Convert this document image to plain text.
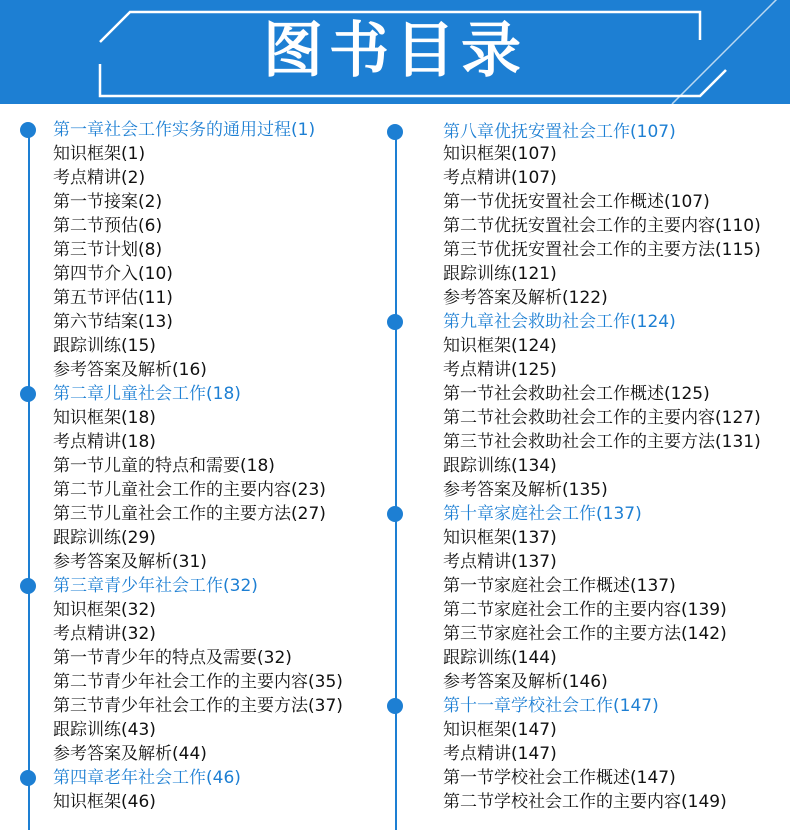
图书目录
第一章社会工作实务的通用过程(1)
知识框架(1)
考点精讲(2)
第一节接案(2)
第二节预估(6)
第三节计划(8)
第四节介入(10)
第五节评估(11)
第六节结案(13)
跟踪训练(15)
参考答案及解析(16)
第二章儿童社会工作(18)
知识框架(18)
考点精讲(18)
第一节儿童的特点和需要(18)
第二节儿童社会工作的主要内容(23)
第三节儿童社会工作的主要方法(27)
跟踪训练(29)
参考答案及解析(31)
第三章青少年社会工作(32)
知识框架(32)
考点精讲(32)
第一节青少年的特点及需要(32)
第二节青少年社会工作的主要内容(35)
第三节青少年社会工作的主要方法(37)
跟踪训练(43)
参考答案及解析(44)
第四章老年社会工作(46)
知识框架(46)
第八章优抚安置社会工作(107)
知识框架(107)
考点精讲(107)
第一节优抚安置社会工作概述(107)
第二节优抚安置社会工作的主要内容(110)
第三节优抚安置社会工作的主要方法(115)
跟踪训练(121)
参考答案及解析(122)
第九章社会救助社会工作(124)
知识框架(124)
考点精讲(125)
第一节社会救助社会工作概述(125)
第二节社会救助社会工作的主要内容(127)
第三节社会救助社会工作的主要方法(131)
跟踪训练(134)
参考答案及解析(135)
第十章家庭社会工作(137)
知识框架(137)
考点精讲(137)
第一节家庭社会工作概述(137)
第二节家庭社会工作的主要内容(139)
第三节家庭社会工作的主要方法(142)
跟踪训练(144)
参考答案及解析(146)
第十一章学校社会工作(147)
知识框架(147)
考点精讲(147)
第一节学校社会工作概述(147)
第二节学校社会工作的主要内容(149)
